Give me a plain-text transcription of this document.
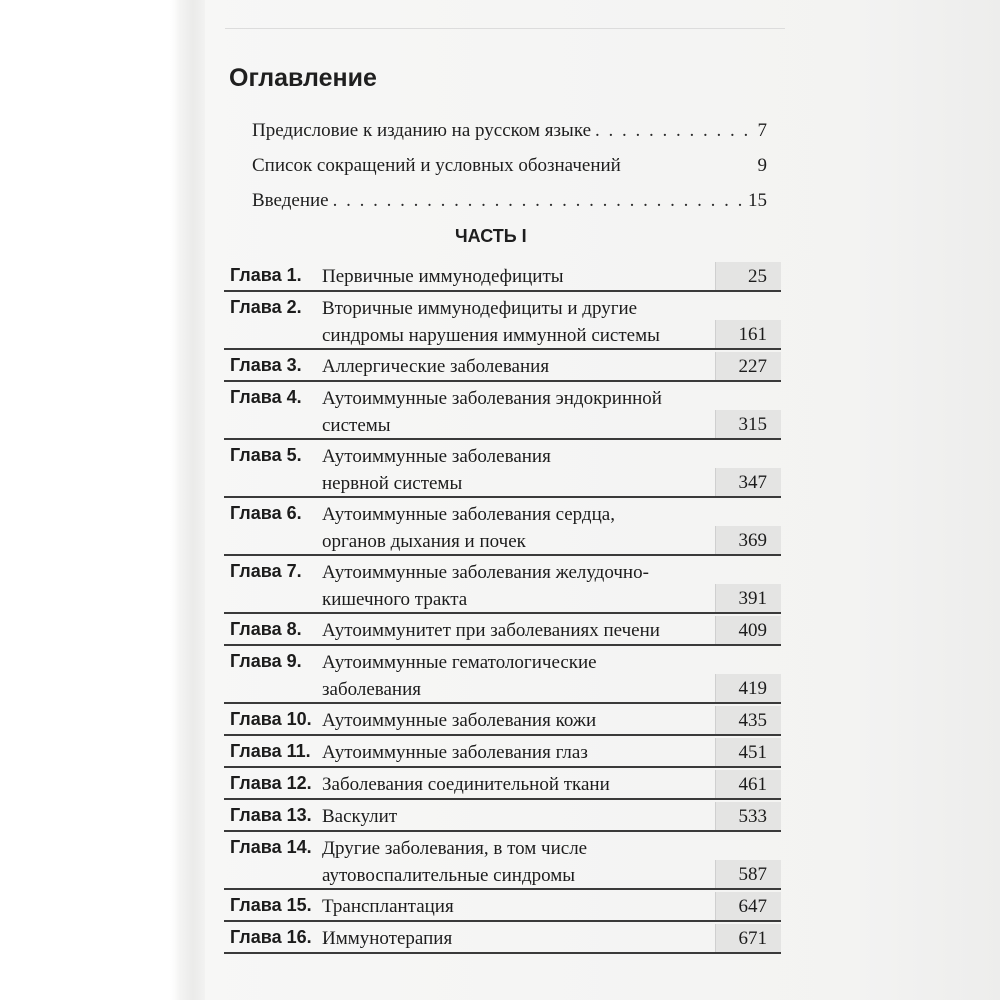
Оглавление
Предисловие к изданию на русском языке . . .	7
Список сокращений и условных обозначений	9
Введение . . .	15
ЧАСТЬ I
Глава 1. Первичные иммунодефициты	25
Глава 2. Вторичные иммунодефициты и другие
синдромы нарушения иммунной системы	161
Глава 3. Аллергические заболевания	227
Глава 4. Аутоиммунные заболевания эндокринной
системы	315
Глава 5. Аутоиммунные заболевания
нервной системы	347
Глава 6. Аутоиммунные заболевания сердца,
органов дыхания и почек	369
Глава 7. Аутоиммунные заболевания желудочно-
кишечного тракта	391
Глава 8. Аутоиммунитет при заболеваниях печени	409
Глава 9. Аутоиммунные гематологические
заболевания	419
Глава 10. Аутоиммунные заболевания кожи	435
Глава 11. Аутоиммунные заболевания глаз	451
Глава 12. Заболевания соединительной ткани	461
Глава 13. Васкулит	533
Глава 14. Другие заболевания, в том числе
аутовоспалительные синдромы	587
Глава 15. Трансплантация	647
Глава 16. Иммунотерапия	671
